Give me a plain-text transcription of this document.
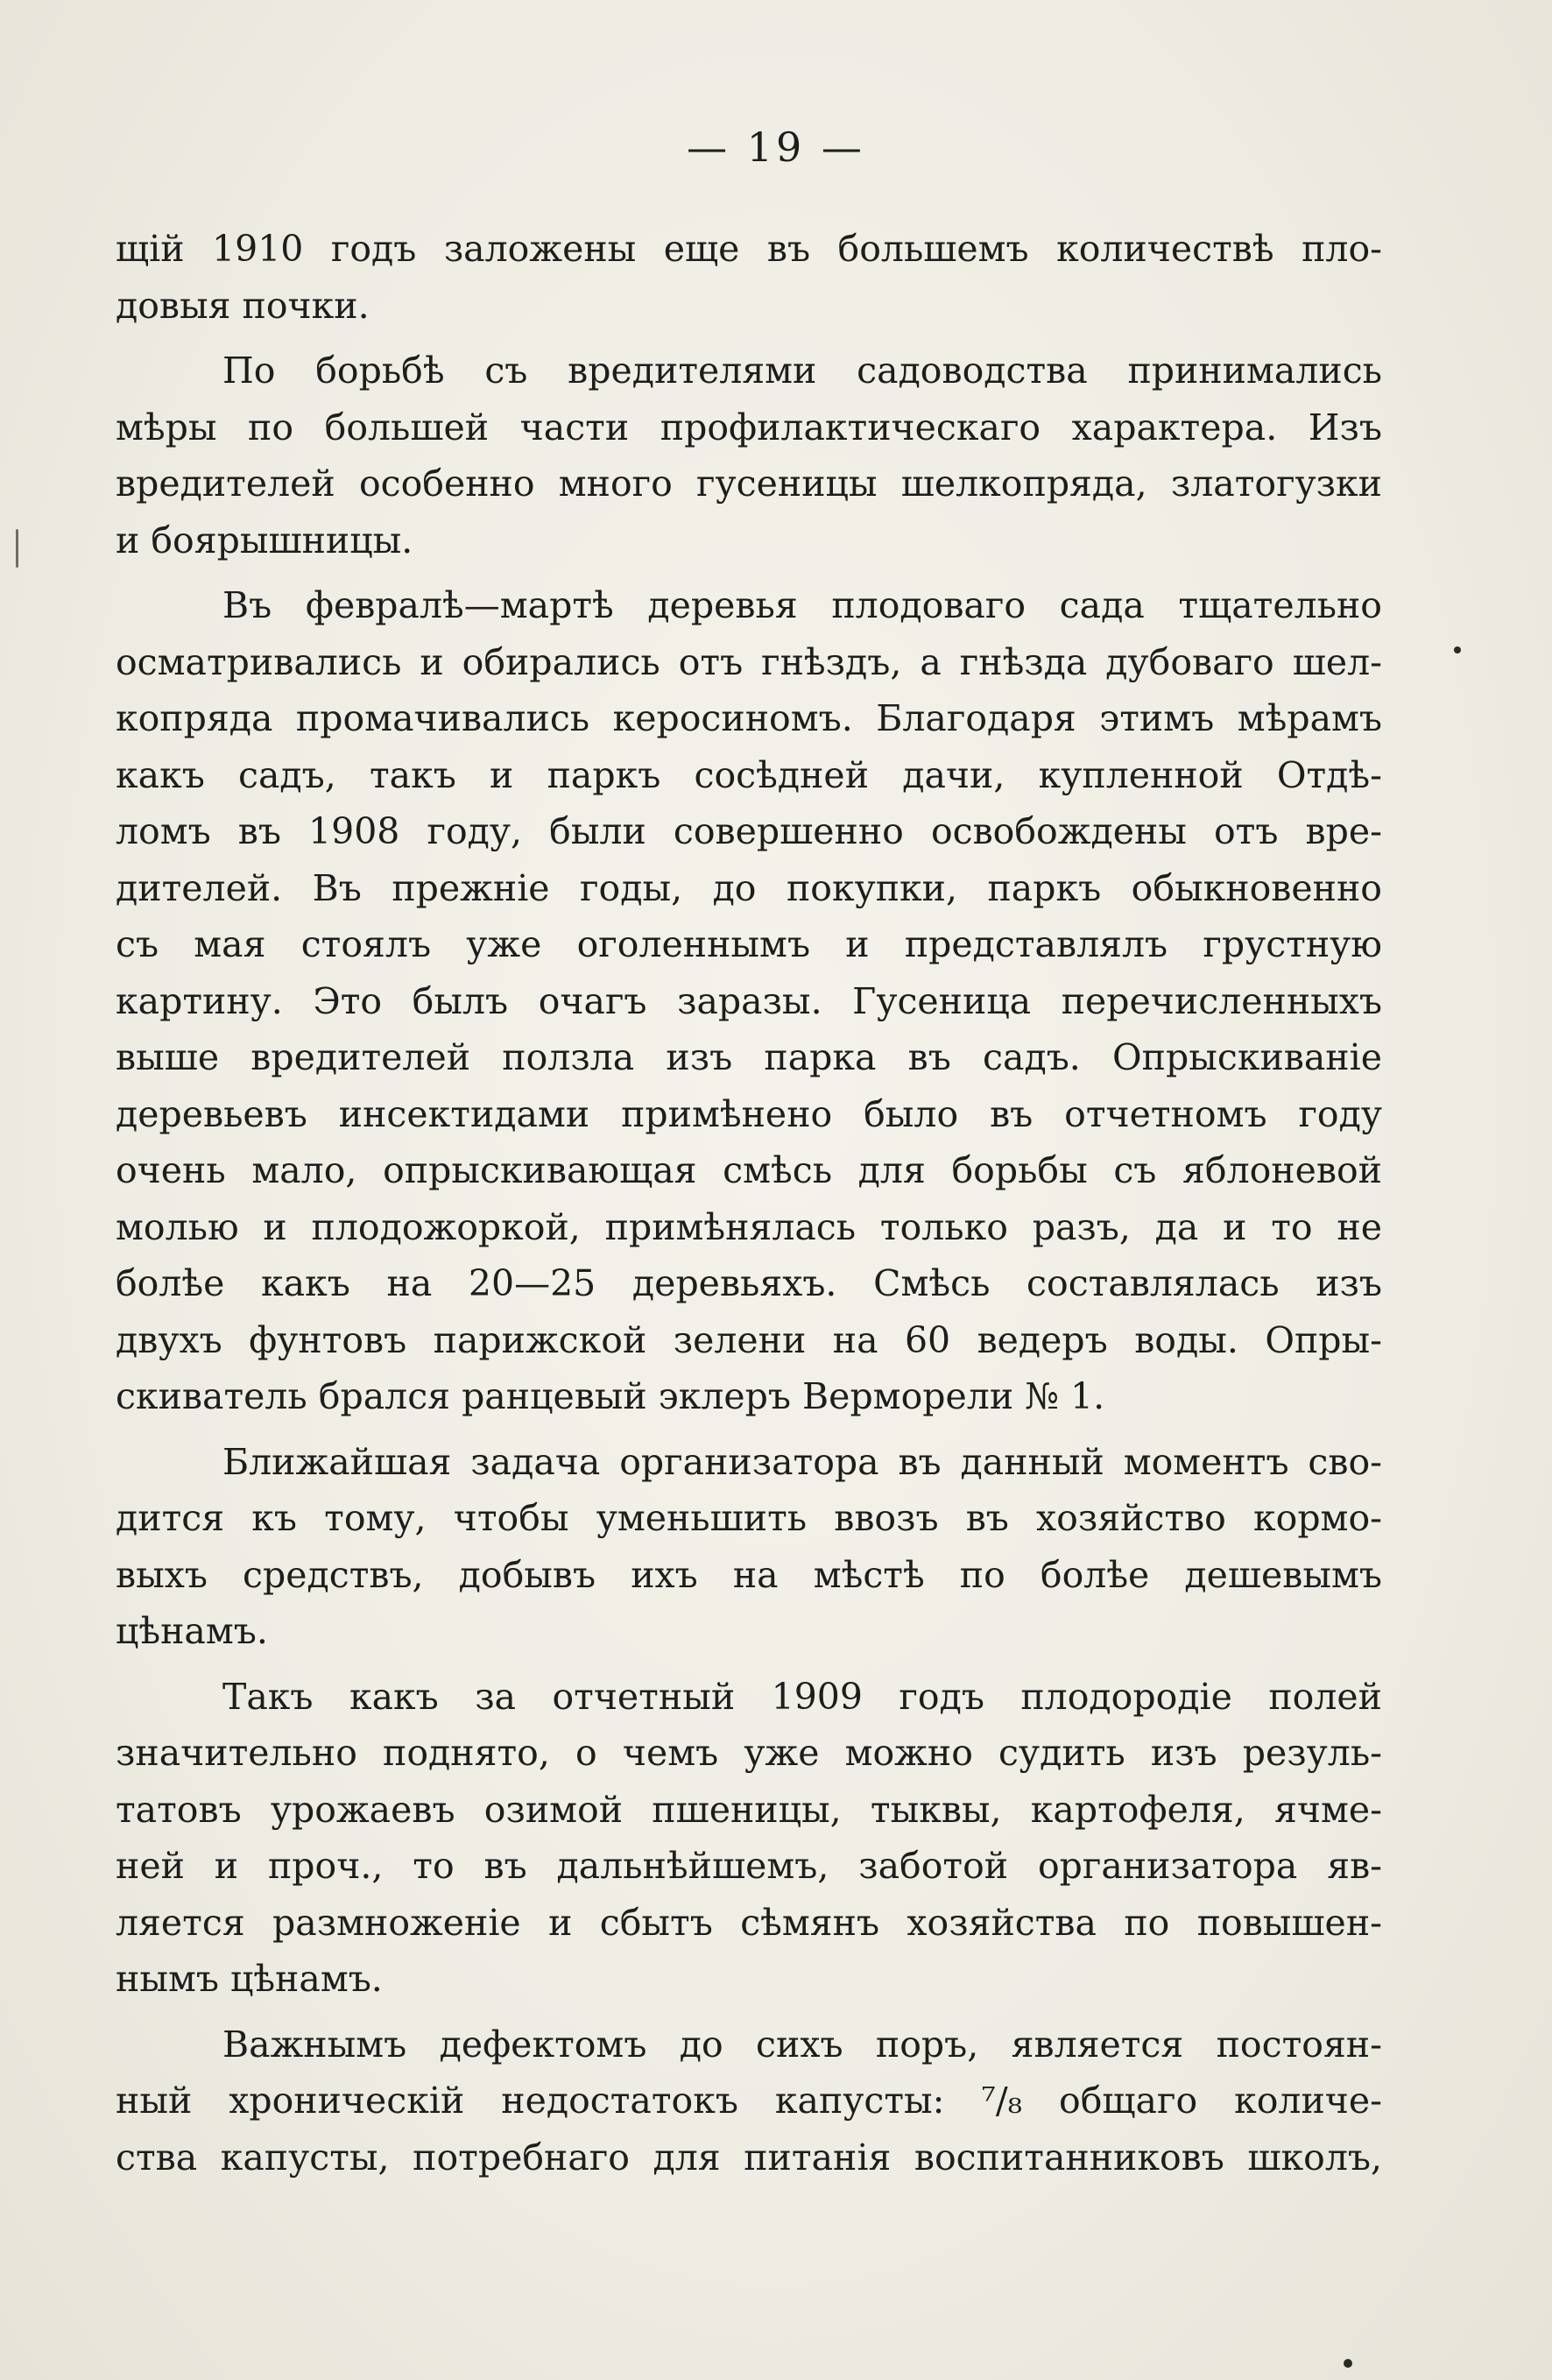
— 19 —
щій 1910 годъ заложены еще въ большемъ количествѣ пло-
довыя почки.
По борьбѣ съ вредителями садоводства принимались
мѣры по большей части профилактическаго характера. Изъ
вредителей особенно много гусеницы шелкопряда, златогузки
и боярышницы.
Въ февралѣ—мартѣ деревья плодоваго сада тщательно
осматривались и обирались отъ гнѣздъ, а гнѣзда дубоваго шел-
копряда промачивались керосиномъ. Благодаря этимъ мѣрамъ
какъ садъ, такъ и паркъ сосѣдней дачи, купленной Отдѣ-
ломъ въ 1908 году, были совершенно освобождены отъ вре-
дителей. Въ прежніе годы, до покупки, паркъ обыкновенно
съ мая стоялъ уже оголеннымъ и представлялъ грустную
картину. Это былъ очагъ заразы. Гусеница перечисленныхъ
выше вредителей ползла изъ парка въ садъ. Опрыскиваніе
деревьевъ инсектидами примѣнено было въ отчетномъ году
очень мало, опрыскивающая смѣсь для борьбы съ яблоневой
молью и плодожоркой, примѣнялась только разъ, да и то не
болѣе какъ на 20—25 деревьяхъ. Смѣсь составлялась изъ
двухъ фунтовъ парижской зелени на 60 ведеръ воды. Опры-
скиватель брался ранцевый эклеръ Верморели № 1.
Ближайшая задача организатора въ данный моментъ сво-
дится къ тому, чтобы уменьшить ввозъ въ хозяйство кормо-
выхъ средствъ, добывъ ихъ на мѣстѣ по болѣе дешевымъ
цѣнамъ.
Такъ какъ за отчетный 1909 годъ плодородіе полей
значительно поднято, о чемъ уже можно судить изъ резуль-
татовъ урожаевъ озимой пшеницы, тыквы, картофеля, ячме-
ней и проч., то въ дальнѣйшемъ, заботой организатора яв-
ляется размноженіе и сбытъ сѣмянъ хозяйства по повышен-
нымъ цѣнамъ.
Важнымъ дефектомъ до сихъ поръ, является постоян-
ный хроническій недостатокъ капусты: ⁷/₈ общаго количе-
ства капусты, потребнаго для питанія воспитанниковъ школъ,
